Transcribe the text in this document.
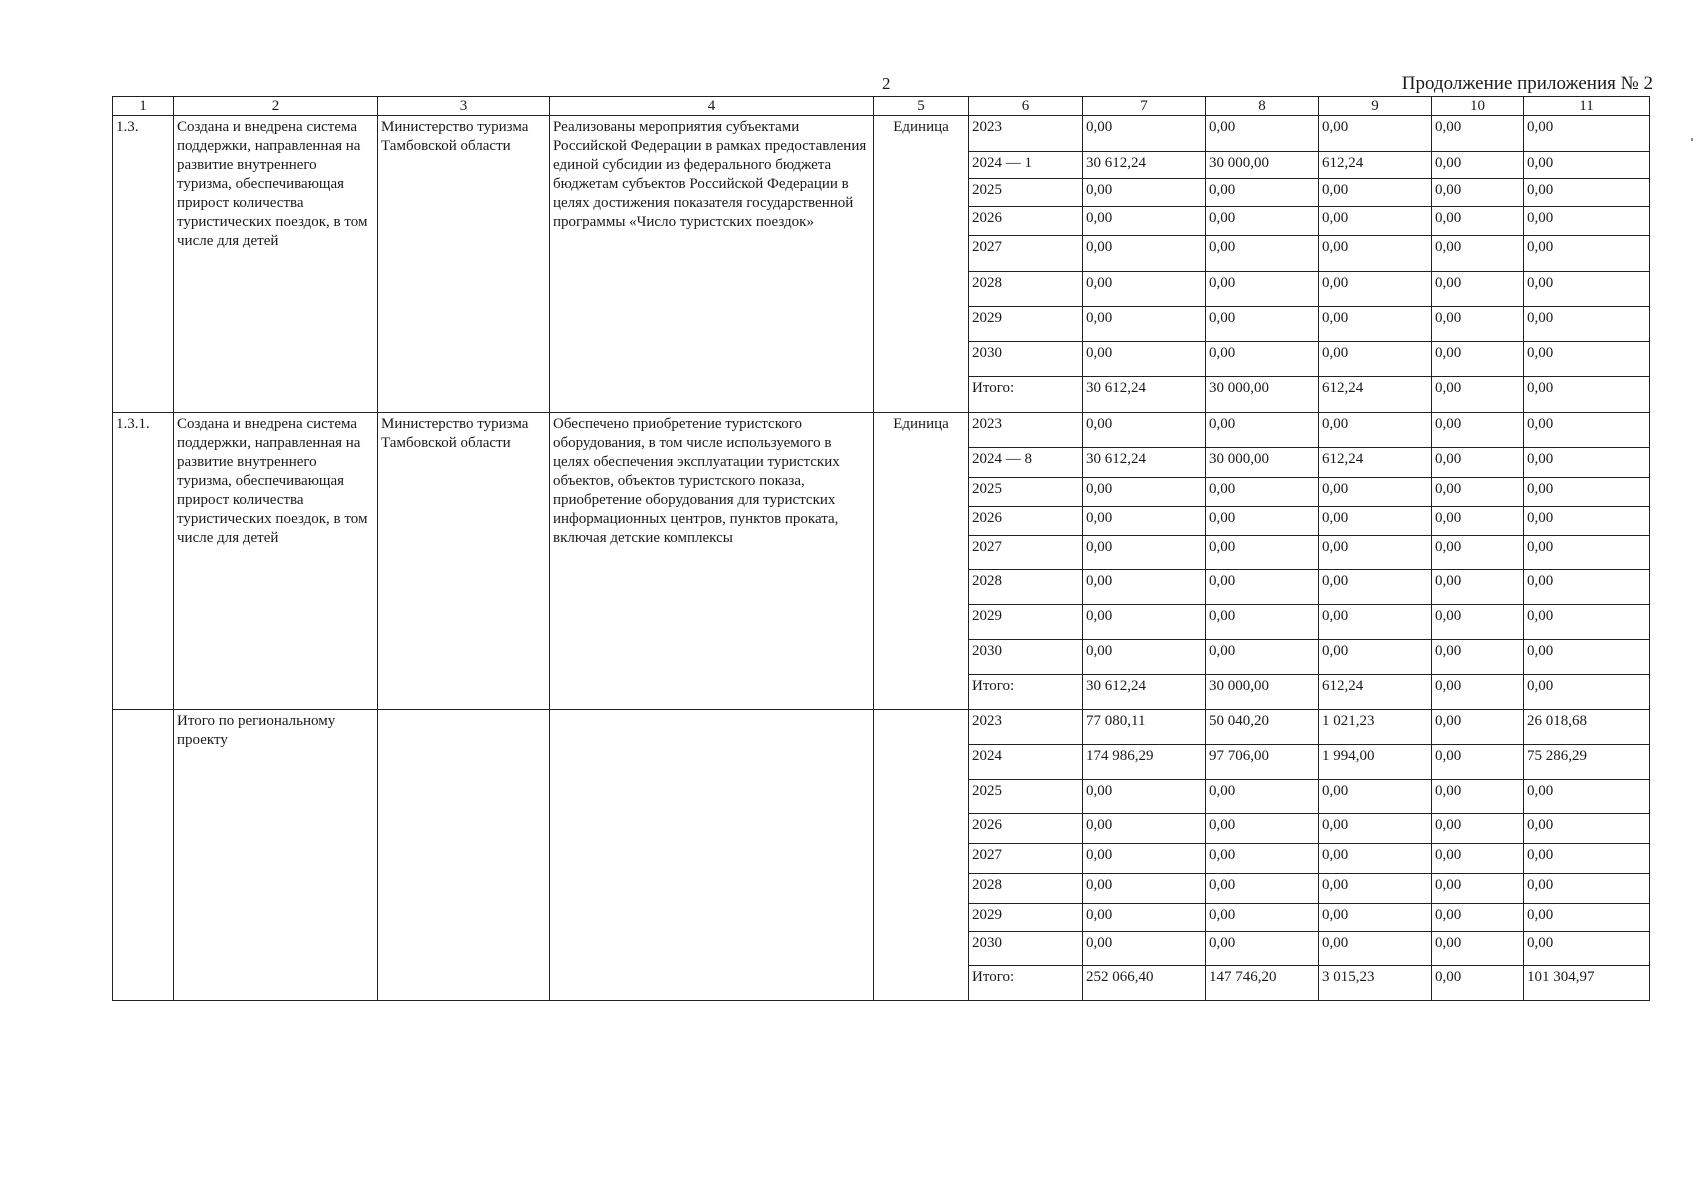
2	Продолжение приложения № 2
1	2	3	4	5	6	7	8	9	10	11
1.3.	Создана и внедрена система поддержки, направленная на развитие внутреннего туризма, обеспечивающая прирост количества туристических поездок, в том числе для детей	Министерство туризма Тамбовской области	Реализованы мероприятия субъектами Российской Федерации в рамках предоставления единой субсидии из федерального бюджета бюджетам субъектов Российской Федерации в целях достижения показателя государственной программы «Число туристских поездок»	Единица	2023	0,00	0,00	0,00	0,00	0,00
					2024 — 1	30 612,24	30 000,00	612,24	0,00	0,00
					2025	0,00	0,00	0,00	0,00	0,00
					2026	0,00	0,00	0,00	0,00	0,00
					2027	0,00	0,00	0,00	0,00	0,00
					2028	0,00	0,00	0,00	0,00	0,00
					2029	0,00	0,00	0,00	0,00	0,00
					2030	0,00	0,00	0,00	0,00	0,00
					Итого:	30 612,24	30 000,00	612,24	0,00	0,00
1.3.1.	Создана и внедрена система поддержки, направленная на развитие внутреннего туризма, обеспечивающая прирост количества туристических поездок, в том числе для детей	Министерство туризма Тамбовской области	Обеспечено приобретение туристского оборудования, в том числе используемого в целях обеспечения эксплуатации туристских объектов, объектов туристского показа, приобретение оборудования для туристских информационных центров, пунктов проката, включая детские комплексы	Единица	2023	0,00	0,00	0,00	0,00	0,00
					2024 — 8	30 612,24	30 000,00	612,24	0,00	0,00
					2025	0,00	0,00	0,00	0,00	0,00
					2026	0,00	0,00	0,00	0,00	0,00
					2027	0,00	0,00	0,00	0,00	0,00
					2028	0,00	0,00	0,00	0,00	0,00
					2029	0,00	0,00	0,00	0,00	0,00
					2030	0,00	0,00	0,00	0,00	0,00
					Итого:	30 612,24	30 000,00	612,24	0,00	0,00
	Итого по региональному проекту				2023	77 080,11	50 040,20	1 021,23	0,00	26 018,68
					2024	174 986,29	97 706,00	1 994,00	0,00	75 286,29
					2025	0,00	0,00	0,00	0,00	0,00
					2026	0,00	0,00	0,00	0,00	0,00
					2027	0,00	0,00	0,00	0,00	0,00
					2028	0,00	0,00	0,00	0,00	0,00
					2029	0,00	0,00	0,00	0,00	0,00
					2030	0,00	0,00	0,00	0,00	0,00
					Итого:	252 066,40	147 746,20	3 015,23	0,00	101 304,97
